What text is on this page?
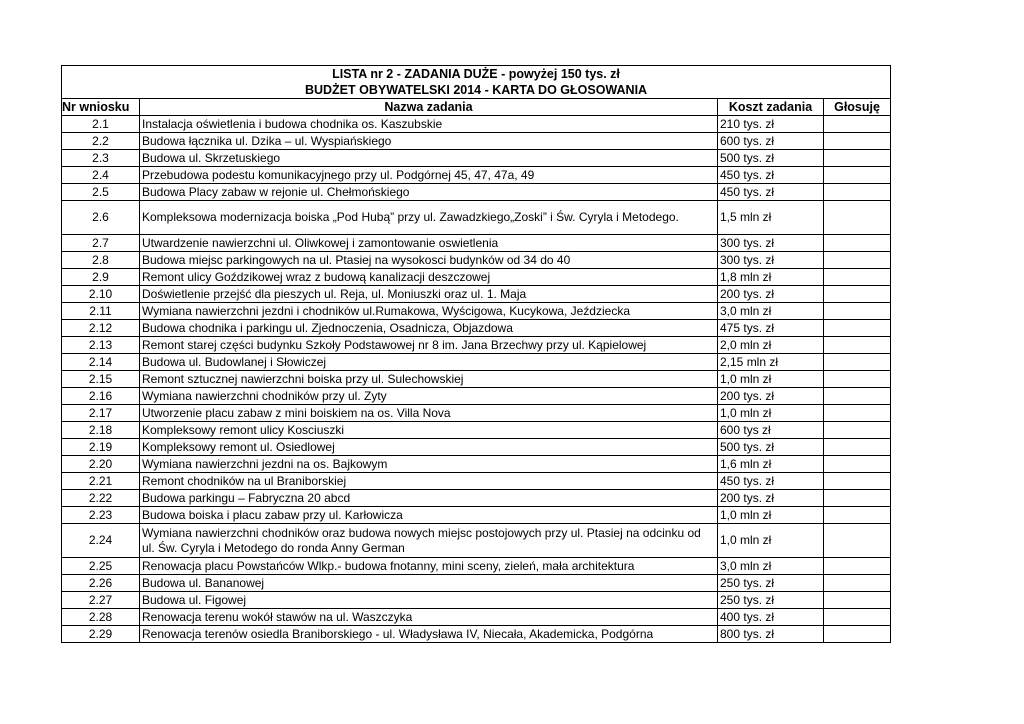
LISTA nr 2 - ZADANIA DUŻE - powyżej 150 tys. zł			
BUDŻET OBYWATELSKI 2014 - KARTA DO GŁOSOWANIA			
Nr wniosku	Nazwa zadania	Koszt zadania	Głosuję
2.1	Instalacja oświetlenia i budowa chodnika os. Kaszubskie	210 tys. zł	
2.2	Budowa łącznika ul. Dzika – ul. Wyspiańskiego	600 tys. zł	
2.3	Budowa ul. Skrzetuskiego	500 tys. zł	
2.4	Przebudowa podestu komunikacyjnego przy ul. Podgórnej 45, 47, 47a, 49	450 tys. zł	
2.5	Budowa Placy zabaw w rejonie ul. Chełmońskiego	450 tys. zł	
2.6	Kompleksowa modernizacja boiska „Pod Hubą” przy ul. Zawadzkiego„Zoski” i Św. Cyryla i Metodego.	1,5 mln zł	
2.7	Utwardzenie nawierzchni ul. Oliwkowej i zamontowanie oswietlenia	300 tys. zł	
2.8	Budowa miejsc parkingowych na ul. Ptasiej na wysokosci budynków od 34 do 40	300 tys. zł	
2.9	Remont ulicy Goździkowej wraz z budową kanalizacji deszczowej	1,8 mln zł	
2.10	Doświetlenie przejść dla pieszych ul. Reja, ul. Moniuszki oraz ul. 1. Maja	200 tys. zł	
2.11	Wymiana nawierzchni jezdni i chodników ul.Rumakowa, Wyścigowa, Kucykowa, Jeździecka	3,0 mln zł	
2.12	Budowa chodnika i parkingu ul. Zjednoczenia, Osadnicza, Objazdowa	475 tys. zł	
2.13	Remont starej części budynku Szkoły Podstawowej nr 8 im. Jana Brzechwy przy ul. Kąpielowej	2,0 mln zł	
2.14	Budowa ul. Budowlanej i Słowiczej	2,15 mln zł	
2.15	Remont sztucznej nawierzchni boiska przy ul. Sulechowskiej	1,0 mln zł	
2.16	Wymiana nawierzchni chodników przy ul. Zyty	200 tys. zł	
2.17	Utworzenie placu zabaw z mini boiskiem na os. Villa Nova	1,0 mln zł	
2.18	Kompleksowy remont ulicy Kosciuszki	600 tys zł	
2.19	Kompleksowy remont ul. Osiedlowej	500 tys. zł	
2.20	Wymiana nawierzchni jezdni na os. Bajkowym	1,6 mln zł	
2.21	Remont chodników na ul Braniborskiej	450 tys. zł	
2.22	Budowa parkingu – Fabryczna 20 abcd	200 tys. zł	
2.23	Budowa boiska i placu zabaw przy ul. Karłowicza	1,0 mln zł	
2.24	Wymiana nawierzchni chodników oraz budowa nowych miejsc postojowych przy ul. Ptasiej na odcinku od ul. Św. Cyryla i Metodego do ronda Anny German	1,0 mln zł	
2.25	Renowacja placu Powstańców Wlkp.- budowa fnotanny, mini sceny, zieleń, mała architektura	3,0 mln zł	
2.26	Budowa ul. Bananowej	250 tys. zł	
2.27	Budowa ul. Figowej	250 tys. zł	
2.28	Renowacja terenu wokół stawów na ul. Waszczyka	400 tys. zł	
2.29	Renowacja terenów osiedla Braniborskiego - ul. Władysława IV, Niecała, Akademicka, Podgórna	800 tys. zł	
